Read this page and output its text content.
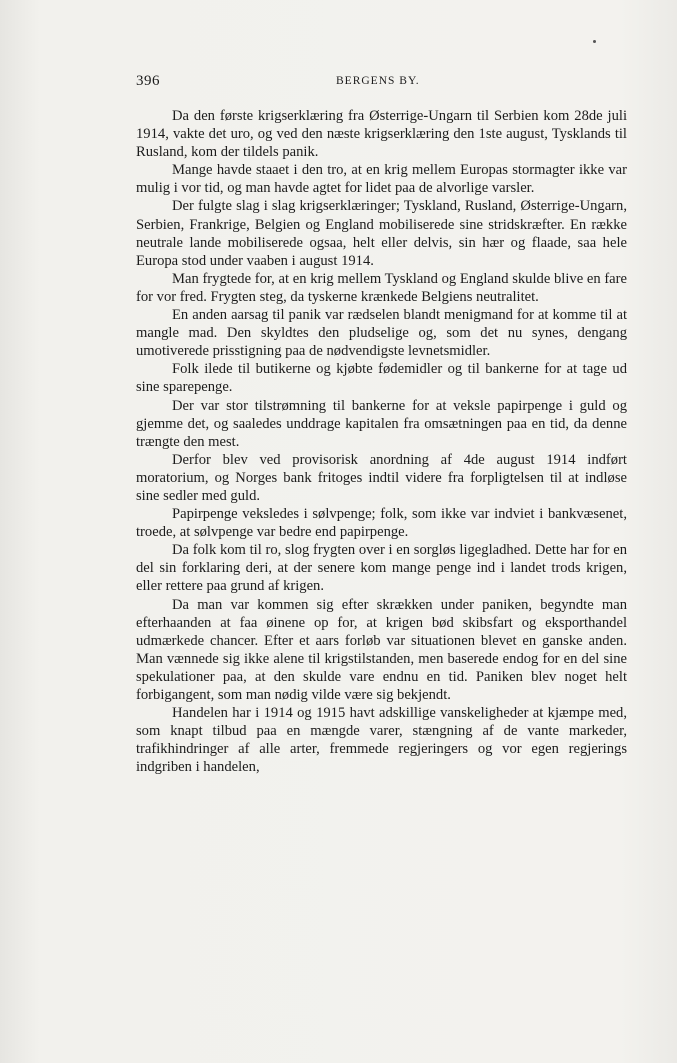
396	BERGENS BY.

Da den første krigserklæring fra Østerrige-Ungarn til Serbien kom 28de juli 1914, vakte det uro, og ved den næste krigserklæring den 1ste august, Tysklands til Rusland, kom der tildels panik.

Mange havde staaet i den tro, at en krig mellem Europas stormagter ikke var mulig i vor tid, og man havde agtet for lidet paa de alvorlige varsler.

Der fulgte slag i slag krigserklæringer; Tyskland, Rusland, Østerrige-Ungarn, Serbien, Frankrige, Belgien og England mobiliserede sine stridskræfter. En række neutrale lande mobiliserede ogsaa, helt eller delvis, sin hær og flaade, saa hele Europa stod under vaaben i august 1914.

Man frygtede for, at en krig mellem Tyskland og England skulde blive en fare for vor fred. Frygten steg, da tyskerne krænkede Belgiens neutralitet.

En anden aarsag til panik var rædselen blandt menigmand for at komme til at mangle mad. Den skyldtes den pludselige og, som det nu synes, dengang umotiverede prisstigning paa de nødvendigste levnetsmidler.

Folk ilede til butikerne og kjøbte fødemidler og til bankerne for at tage ud sine sparepenge.

Der var stor tilstrømning til bankerne for at veksle papirpenge i guld og gjemme det, og saaledes unddrage kapitalen fra omsætningen paa en tid, da denne trængte den mest.

Derfor blev ved provisorisk anordning af 4de august 1914 indført moratorium, og Norges bank fritoges indtil videre fra forpligtelsen til at indløse sine sedler med guld.

Papirpenge veksledes i sølvpenge; folk, som ikke var indviet i bankvæsenet, troede, at sølvpenge var bedre end papirpenge.

Da folk kom til ro, slog frygten over i en sorgløs ligegladhed. Dette har for en del sin forklaring deri, at der senere kom mange penge ind i landet trods krigen, eller rettere paa grund af krigen.

Da man var kommen sig efter skrækken under paniken, begyndte man efterhaanden at faa øinene op for, at krigen bød skibsfart og eksporthandel udmærkede chancer. Efter et aars forløb var situationen blevet en ganske anden. Man vænnede sig ikke alene til krigstilstanden, men baserede endog for en del sine spekulationer paa, at den skulde vare endnu en tid. Paniken blev noget helt forbigangent, som man nødig vilde være sig bekjendt.

Handelen har i 1914 og 1915 havt adskillige vanskeligheder at kjæmpe med, som knapt tilbud paa en mængde varer, stængning af de vante markeder, trafikhindringer af alle arter, fremmede regjeringers og vor egen regjerings indgriben i handelen,
